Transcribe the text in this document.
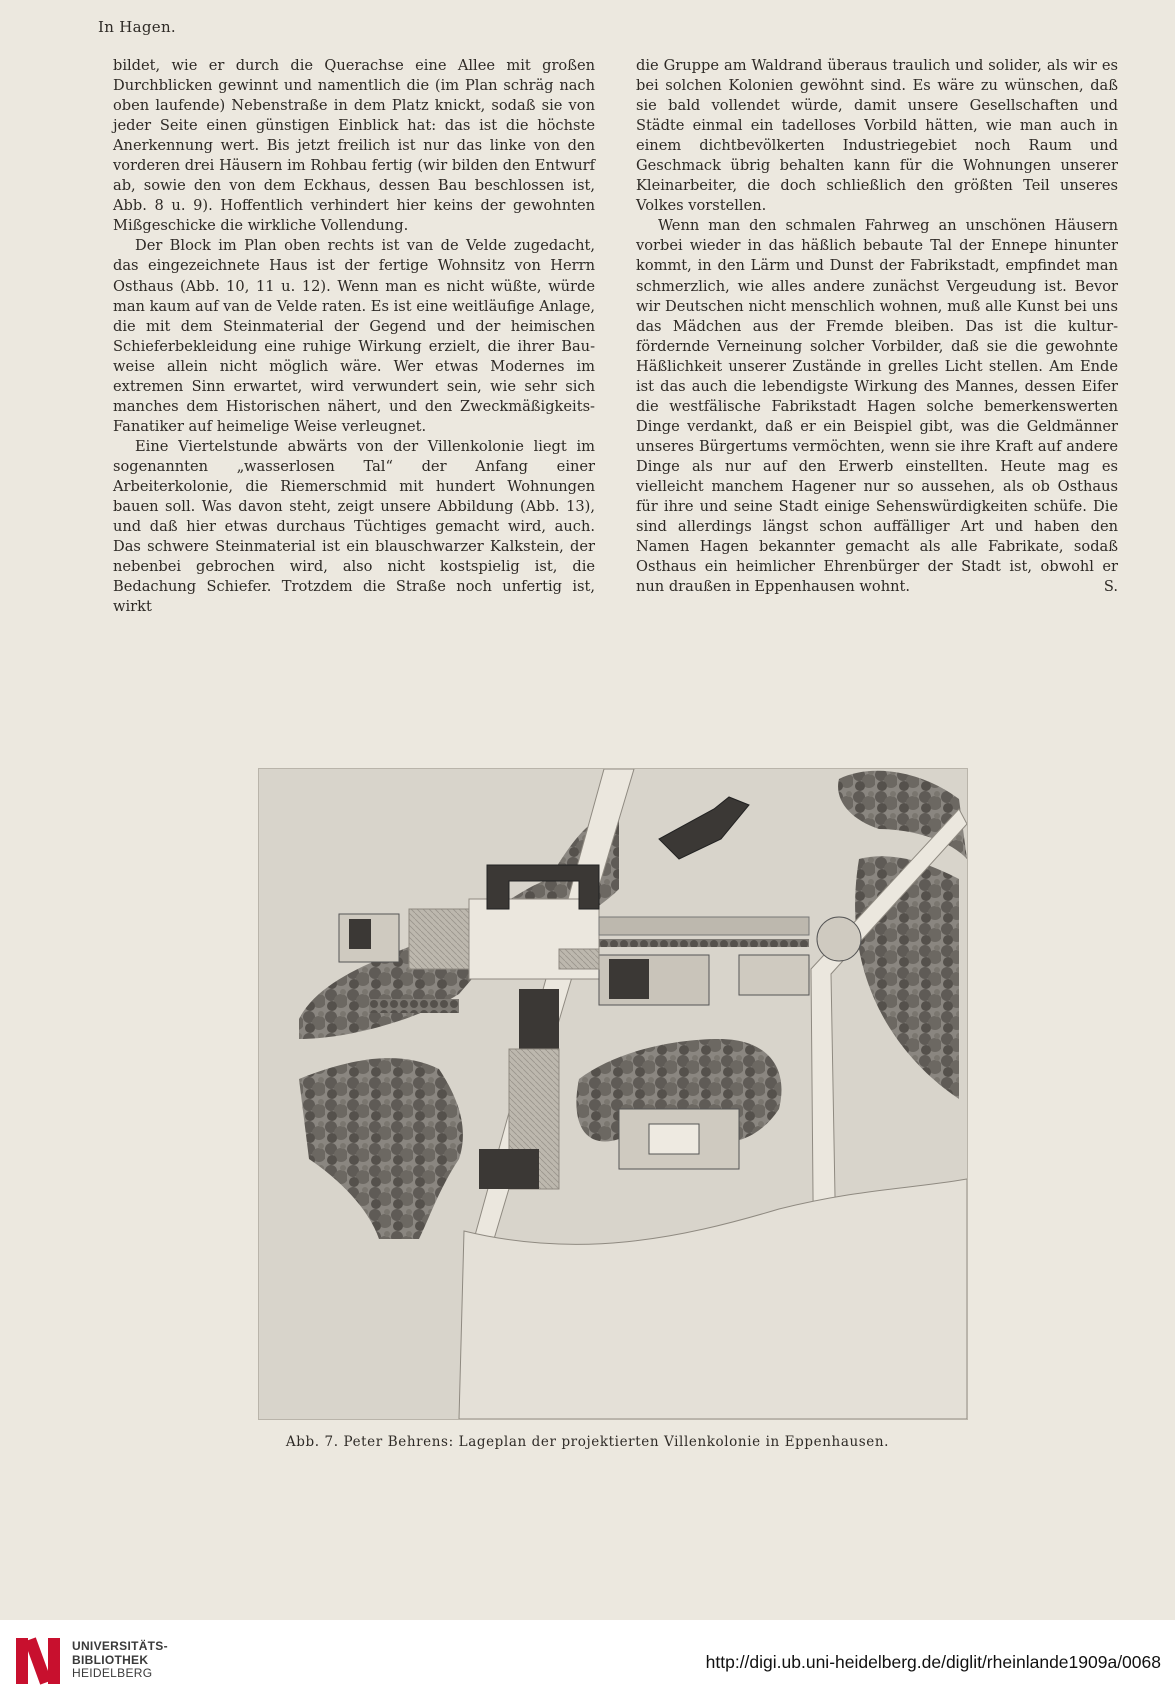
In Hagen.

bildet, wie er durch die Querachse eine Allee mit großen Durchblicken gewinnt und namentlich die (im Plan schräg nach oben laufende) Nebenstraße in dem Platz knickt, sodaß sie von jeder Seite einen günstigen Einblick hat: das ist die höchste Anerkennung wert. Bis jetzt freilich ist nur das linke von den vorderen drei Häusern im Rohbau fertig (wir bilden den Entwurf ab, sowie den von dem Eckhaus, dessen Bau beschlossen ist, Abb. 8 u. 9). Hoffentlich verhindert hier keins der gewohnten Mißgeschicke die wirkliche Vollendung.

Der Block im Plan oben rechts ist van de Velde zugedacht, das eingezeichnete Haus ist der fertige Wohnsitz von Herrn Osthaus (Abb. 10, 11 u. 12). Wenn man es nicht wüßte, würde man kaum auf van de Velde raten. Es ist eine weitläufige Anlage, die mit dem Steinmaterial der Gegend und der heimischen Schieferbekleidung eine ruhige Wirkung erzielt, die ihrer Bauweise allein nicht möglich wäre. Wer etwas Modernes im extremen Sinn erwartet, wird verwundert sein, wie sehr sich manches dem Historischen nähert, und den Zweckmäßigkeits-Fanatiker auf heimelige Weise verleugnet.

Eine Viertelstunde abwärts von der Villenkolonie liegt im sogenannten „wasserlosen Tal“ der Anfang einer Arbeiterkolonie, die Riemerschmid mit hundert Wohnungen bauen soll. Was davon steht, zeigt unsere Abbildung (Abb. 13), und daß hier etwas durchaus Tüchtiges gemacht wird, auch. Das schwere Steinmaterial ist ein blauschwarzer Kalkstein, der nebenbei gebrochen wird, also nicht kostspielig ist, die Bedachung Schiefer. Trotzdem die Straße noch unfertig ist, wirkt

die Gruppe am Waldrand überaus traulich und solider, als wir es bei solchen Kolonien gewöhnt sind. Es wäre zu wünschen, daß sie bald vollendet würde, damit unsere Gesellschaften und Städte einmal ein tadelloses Vorbild hätten, wie man auch in einem dichtbevölkerten Industriegebiet noch Raum und Geschmack übrig behalten kann für die Wohnungen unserer Kleinarbeiter, die doch schließlich den größten Teil unseres Volkes vorstellen.

Wenn man den schmalen Fahrweg an unschönen Häusern vorbei wieder in das häßlich bebaute Tal der Ennepe hinunter kommt, in den Lärm und Dunst der Fabrikstadt, empfindet man schmerzlich, wie alles andere zunächst Vergeudung ist. Bevor wir Deutschen nicht menschlich wohnen, muß alle Kunst bei uns das Mädchen aus der Fremde bleiben. Das ist die kulturfördernde Verneinung solcher Vorbilder, daß sie die gewohnte Häßlichkeit unserer Zustände in grelles Licht stellen. Am Ende ist das auch die lebendigste Wirkung des Mannes, dessen Eifer die westfälische Fabrikstadt Hagen solche bemerkenswerten Dinge verdankt, daß er ein Beispiel gibt, was die Geldmänner unseres Bürgertums vermöchten, wenn sie ihre Kraft auf andere Dinge als nur auf den Erwerb einstellten. Heute mag es vielleicht manchem Hagener nur so aussehen, als ob Osthaus für ihre und seine Stadt einige Sehenswürdigkeiten schüfe. Die sind allerdings längst schon auffälliger Art und haben den Namen Hagen bekannter gemacht als alle Fabrikate, sodaß Osthaus ein heimlicher Ehrenbürger der Stadt ist, obwohl er nun draußen in Eppenhausen wohnt.	S.

Abb. 7. Peter Behrens: Lageplan der projektierten Villenkolonie in Eppenhausen.
UNIVERSITÄTS-
BIBLIOTHEK
HEIDELBERG
http://digi.ub.uni-heidelberg.de/diglit/rheinlande1909a/0068
